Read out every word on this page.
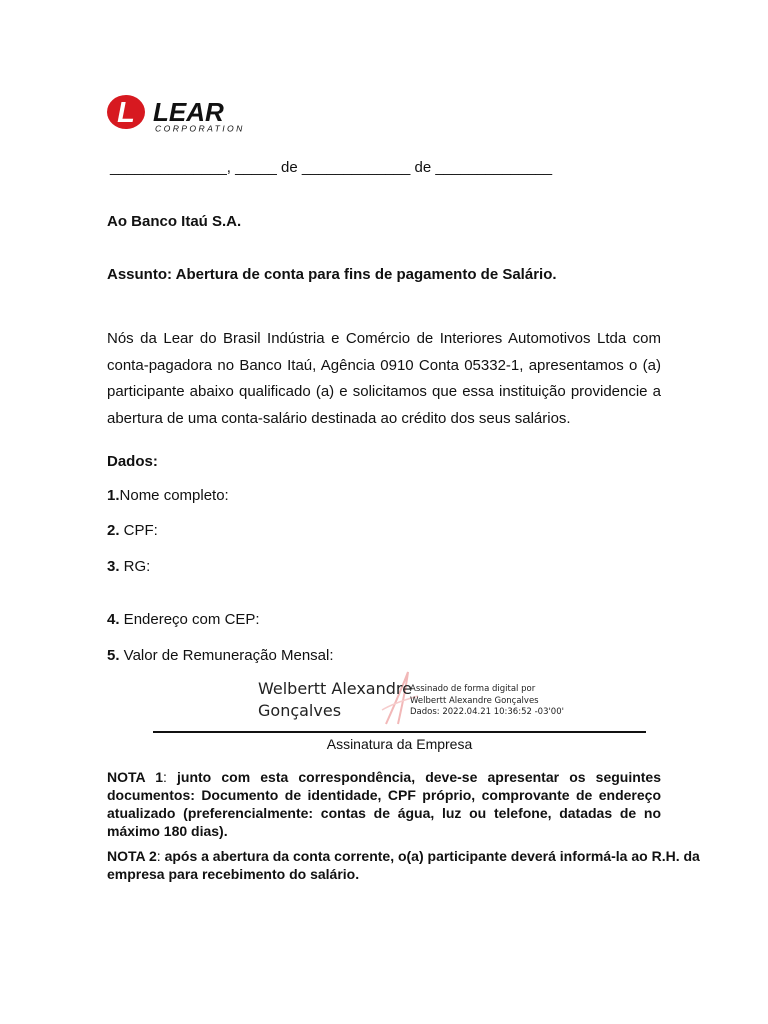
L LEAR
CORPORATION
______________, _____ de _____________ de ______________
Ao Banco Itaú S.A.
Assunto: Abertura de conta para fins de pagamento de Salário.
Nós da Lear do Brasil Indústria e Comércio de Interiores Automotivos Ltda com conta-pagadora no Banco Itaú, Agência 0910 Conta 05332-1, apresentamos o (a) participante abaixo qualificado (a) e solicitamos que essa instituição providencie a abertura de uma conta-salário destinada ao crédito dos seus salários.
Dados:
1.Nome completo:
2. CPF:
3. RG:
4. Endereço com CEP:
5. Valor de Remuneração Mensal:
Welbertt Alexandre
Gonçalves
Assinado de forma digital por
Welbertt Alexandre Gonçalves
Dados: 2022.04.21 10:36:52 -03'00'
Assinatura da Empresa
NOTA 1: junto com esta correspondência, deve-se apresentar os seguintes documentos: Documento de identidade, CPF próprio, comprovante de endereço atualizado (preferencialmente: contas de água, luz ou telefone, datadas de no máximo 180 dias).
NOTA 2: após a abertura da conta corrente, o(a) participante deverá informá-la ao R.H. da empresa para recebimento do salário.
